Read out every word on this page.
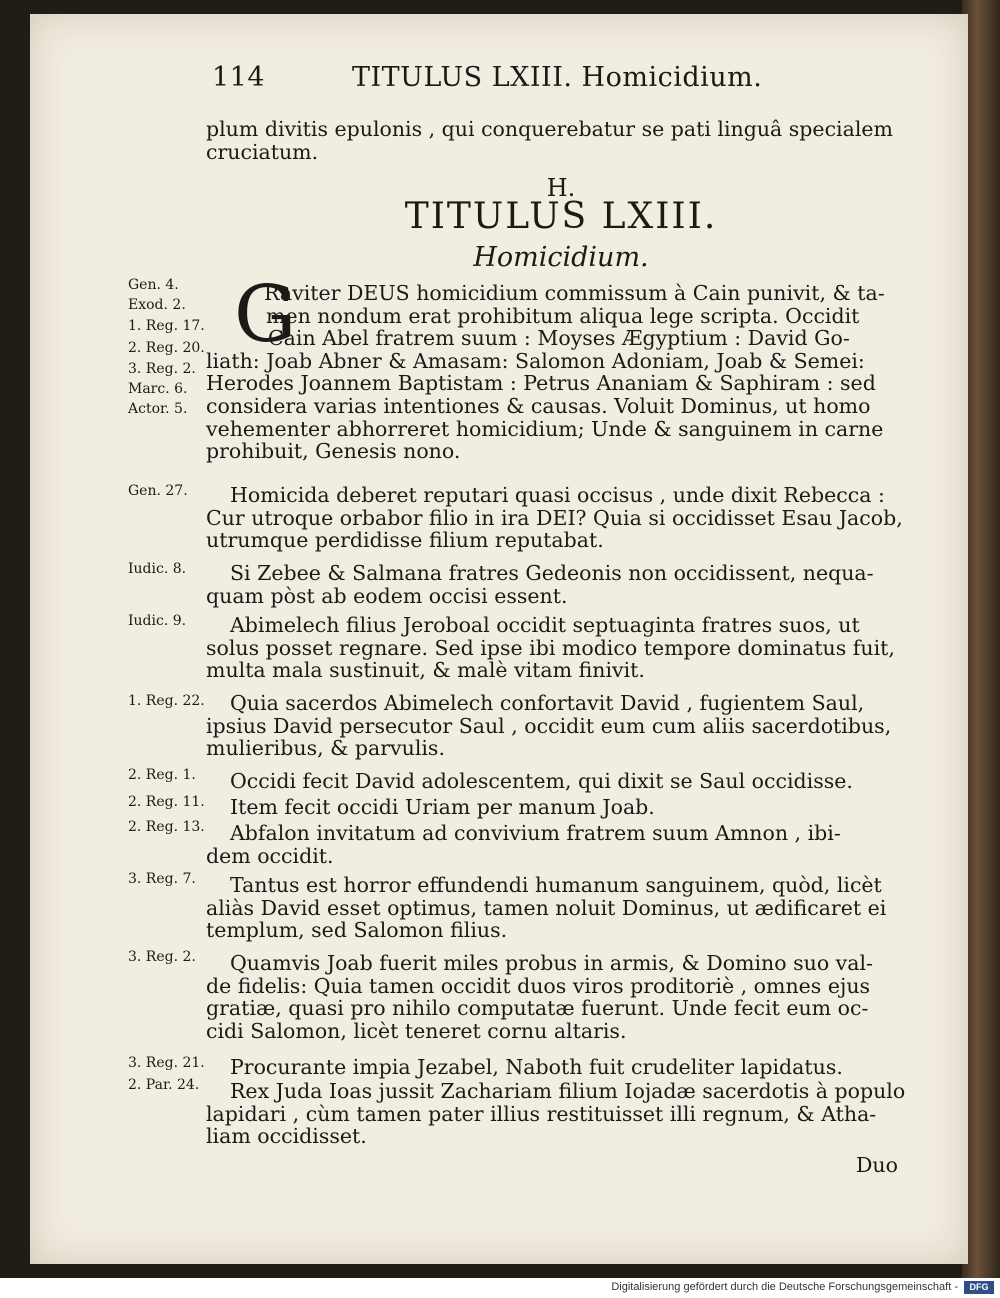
114	TITULUS LXIII. Homicidium.
plum divitis epulonis , qui conquerebatur se pati linguâ specialem
cruciatum.
H.
TITULUS LXIII.
Homicidium.
G
Gen. 4.
Exod. 2.
1. Reg. 17.
2. Reg. 20.
3. Reg. 2.
Marc. 6.
Actor. 5.
Gen. 27.
Iudic. 8.
Iudic. 9.
1. Reg. 22.
2. Reg. 1.
2. Reg. 11.
2. Reg. 13.
3. Reg. 7.
3. Reg. 2.
3. Reg. 21.
2. Par. 24.
Raviter DEUS homicidium commissum à Cain punivit, & ta-
men nondum erat prohibitum aliqua lege scripta. Occidit
Cain Abel fratrem suum : Moyses Ægyptium : David Go-
liath: Joab Abner & Amasam: Salomon Adoniam, Joab & Semei:
Herodes Joannem Baptistam : Petrus Ananiam & Saphiram : sed
considera varias intentiones & causas. Voluit Dominus, ut homo
vehementer abhorreret homicidium; Unde & sanguinem in carne
prohibuit, Genesis nono.
Homicida deberet reputari quasi occisus , unde dixit Rebecca :
Cur utroque orbabor filio in ira DEI? Quia si occidisset Esau Jacob,
utrumque perdidisse filium reputabat.
Si Zebee & Salmana fratres Gedeonis non occidissent, nequa-
quam pòst ab eodem occisi essent.
Abimelech filius Jeroboal occidit septuaginta fratres suos, ut
solus posset regnare. Sed ipse ibi modico tempore dominatus fuit,
multa mala sustinuit, & malè vitam finivit.
Quia sacerdos Abimelech confortavit David , fugientem Saul,
ipsius David persecutor Saul , occidit eum cum aliis sacerdotibus,
mulieribus, & parvulis.
Occidi fecit David adolescentem, qui dixit se Saul occidisse.
Item fecit occidi Uriam per manum Joab.
Abfalon invitatum ad convivium fratrem suum Amnon , ibi-
dem occidit.
Tantus est horror effundendi humanum sanguinem, quòd, licèt
aliàs David esset optimus, tamen noluit Dominus, ut ædificaret ei
templum, sed Salomon filius.
Quamvis Joab fuerit miles probus in armis, & Domino suo val-
de fidelis: Quia tamen occidit duos viros proditoriè , omnes ejus
gratiæ, quasi pro nihilo computatæ fuerunt. Unde fecit eum oc-
cidi Salomon, licèt teneret cornu altaris.
Procurante impia Jezabel, Naboth fuit crudeliter lapidatus.
Rex Juda Ioas jussit Zachariam filium Iojadæ sacerdotis à populo
lapidari , cùm tamen pater illius restituisset illi regnum, & Atha-
liam occidisset.
Duo
Digitalisierung gefördert durch die Deutsche Forschungsgemeinschaft -	DFG
